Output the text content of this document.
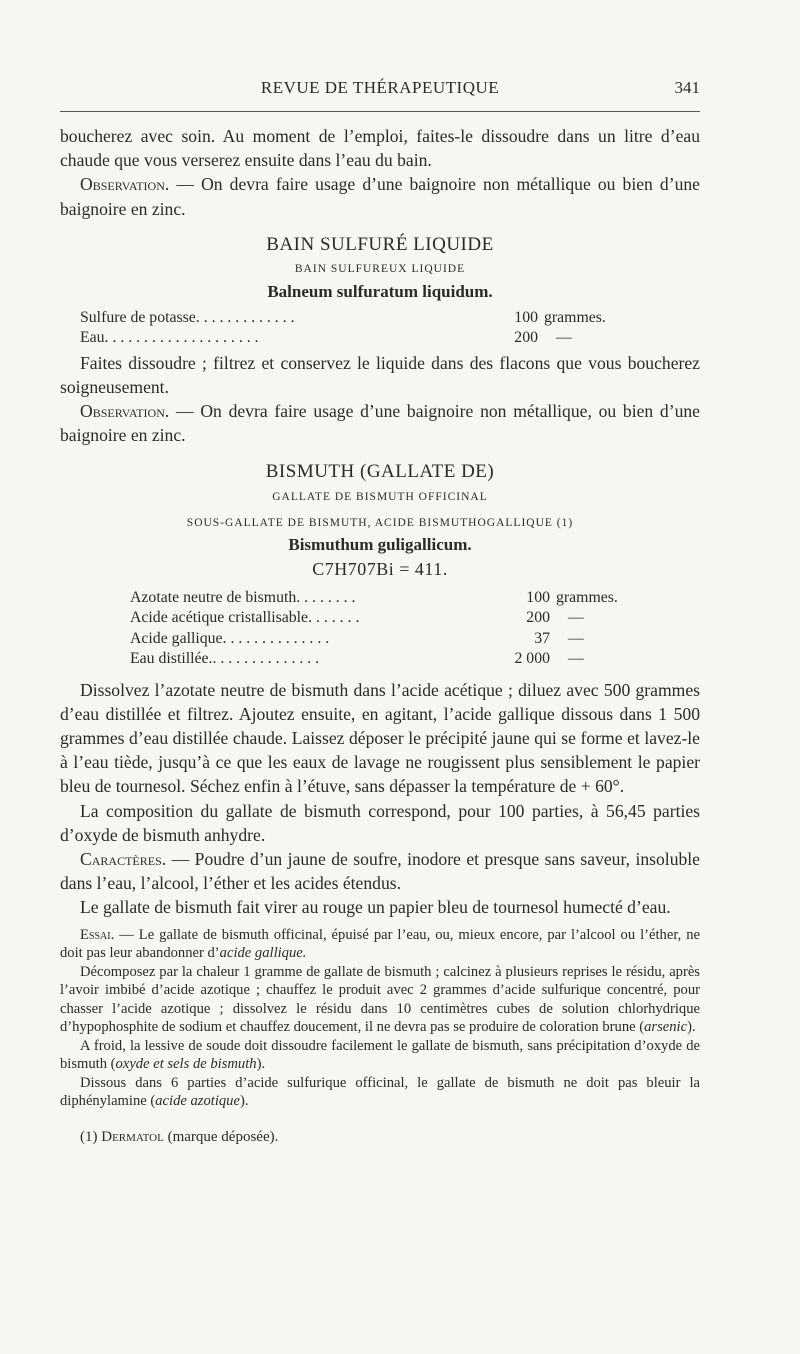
REVUE DE THÉRAPEUTIQUE	341

boucherez avec soin. Au moment de l’emploi, faites-le dissoudre dans un litre d’eau chaude que vous verserez ensuite dans l’eau du bain.

Observation. — On devra faire usage d’une baignoire non métallique ou bien d’une baignoire en zinc.

BAIN SULFURÉ LIQUIDE

BAIN SULFUREUX LIQUIDE

Balneum sulfuratum liquidum.

Sulfure de potasse. . . . . . . . . . . . .	100 grammes.
Eau. . . . . . . . . . . . . . . . . . . .	200	—

Faites dissoudre ; filtrez et conservez le liquide dans des flacons que vous boucherez soigneusement.

Observation. — On devra faire usage d’une baignoire non métallique, ou bien d’une baignoire en zinc.

BISMUTH (GALLATE DE)

GALLATE DE BISMUTH OFFICINAL

SOUS-GALLATE DE BISMUTH, ACIDE BISMUTHOGALLIQUE (1)

Bismuthum guligallicum.

C7H707Bi = 411.

Azotate neutre de bismuth. . . . . . . .	100 grammes.
Acide acétique cristallisable. . . . . . .	200	—
Acide gallique. . . . . . . . . . . . . .	37	—
Eau distillée.. . . . . . . . . . . . . .	2 000	—

Dissolvez l’azotate neutre de bismuth dans l’acide acétique ; diluez avec 500 grammes d’eau distillée et filtrez. Ajoutez ensuite, en agitant, l’acide gallique dissous dans 1 500 grammes d’eau distillée chaude. Laissez déposer le précipité jaune qui se forme et lavez-le à l’eau tiède, jusqu’à ce que les eaux de lavage ne rougissent plus sensiblement le papier bleu de tournesol. Séchez enfin à l’étuve, sans dépasser la température de + 60°.

La composition du gallate de bismuth correspond, pour 100 parties, à 56,45 parties d’oxyde de bismuth anhydre.

Caractères. — Poudre d’un jaune de soufre, inodore et presque sans saveur, insoluble dans l’eau, l’alcool, l’éther et les acides étendus.

Le gallate de bismuth fait virer au rouge un papier bleu de tournesol humecté d’eau.

Essai. — Le gallate de bismuth officinal, épuisé par l’eau, ou, mieux encore, par l’alcool ou l’éther, ne doit pas leur abandonner d’acide gallique.

Décomposez par la chaleur 1 gramme de gallate de bismuth ; calcinez à plusieurs reprises le résidu, après l’avoir imbibé d’acide azotique ; chauffez le produit avec 2 grammes d’acide sulfurique concentré, pour chasser l’acide azotique ; dissolvez le résidu dans 10 centimètres cubes de solution chlorhydrique d’hypophosphite de sodium et chauffez doucement, il ne devra pas se produire de coloration brune (arsenic).

A froid, la lessive de soude doit dissoudre facilement le gallate de bismuth, sans précipitation d’oxyde de bismuth (oxyde et sels de bismuth).

Dissous dans 6 parties d’acide sulfurique officinal, le gallate de bismuth ne doit pas bleuir la diphénylamine (acide azotique).

(1) Dermatol (marque déposée).
